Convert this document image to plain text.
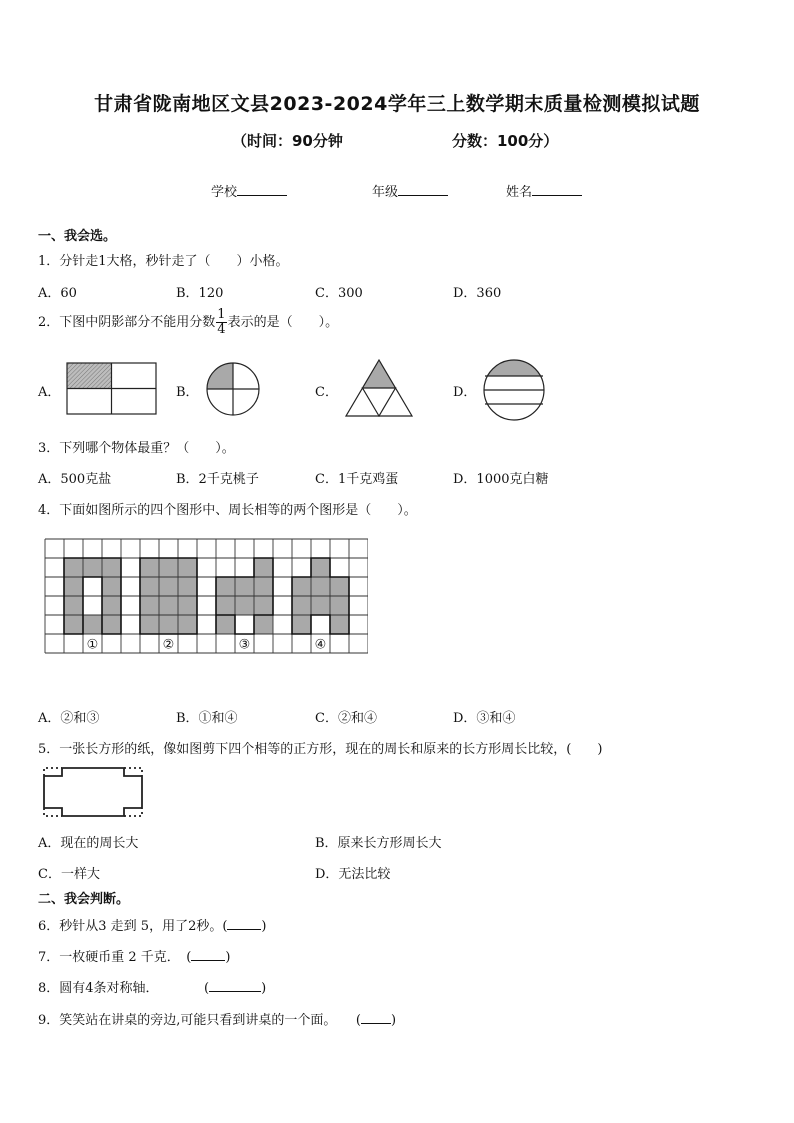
甘肃省陇南地区文县2023-2024学年三上数学期末质量检测模拟试题
（时间：90分钟	分数：100分）
学校	年级	姓名
一、我会选。
1．分针走1大格，秒针走了（　　）小格。
A．60	B．120	C．300	D．360
2．下图中阴影部分不能用分数 $\frac{1}{4}$ 表示的是（　　）。
A．	B．	C．	D．
3．下列哪个物体最重？（　　）。
A．500克盐	B．2千克桃子	C．1千克鸡蛋	D．1000克白糖
4．下面如图所示的四个图形中、周长相等的两个图形是（　　）。
①	②	③	④
A．②和③	B．①和④	C．②和④	D．③和④
5．一张长方形的纸，像如图剪下四个相等的正方形，现在的周长和原来的长方形周长比较，(　　)
A．现在的周长大	B．原来长方形周长大
C．一样大	D．无法比较
二、我会判断。
6．秒针从3 走到 5，用了2秒。(	)
7．一枚硬币重 2 千克．　(	)
8．圆有4条对称轴．　　　　(	)
9．笑笑站在讲桌的旁边,可能只看到讲桌的一个面。　　( )
